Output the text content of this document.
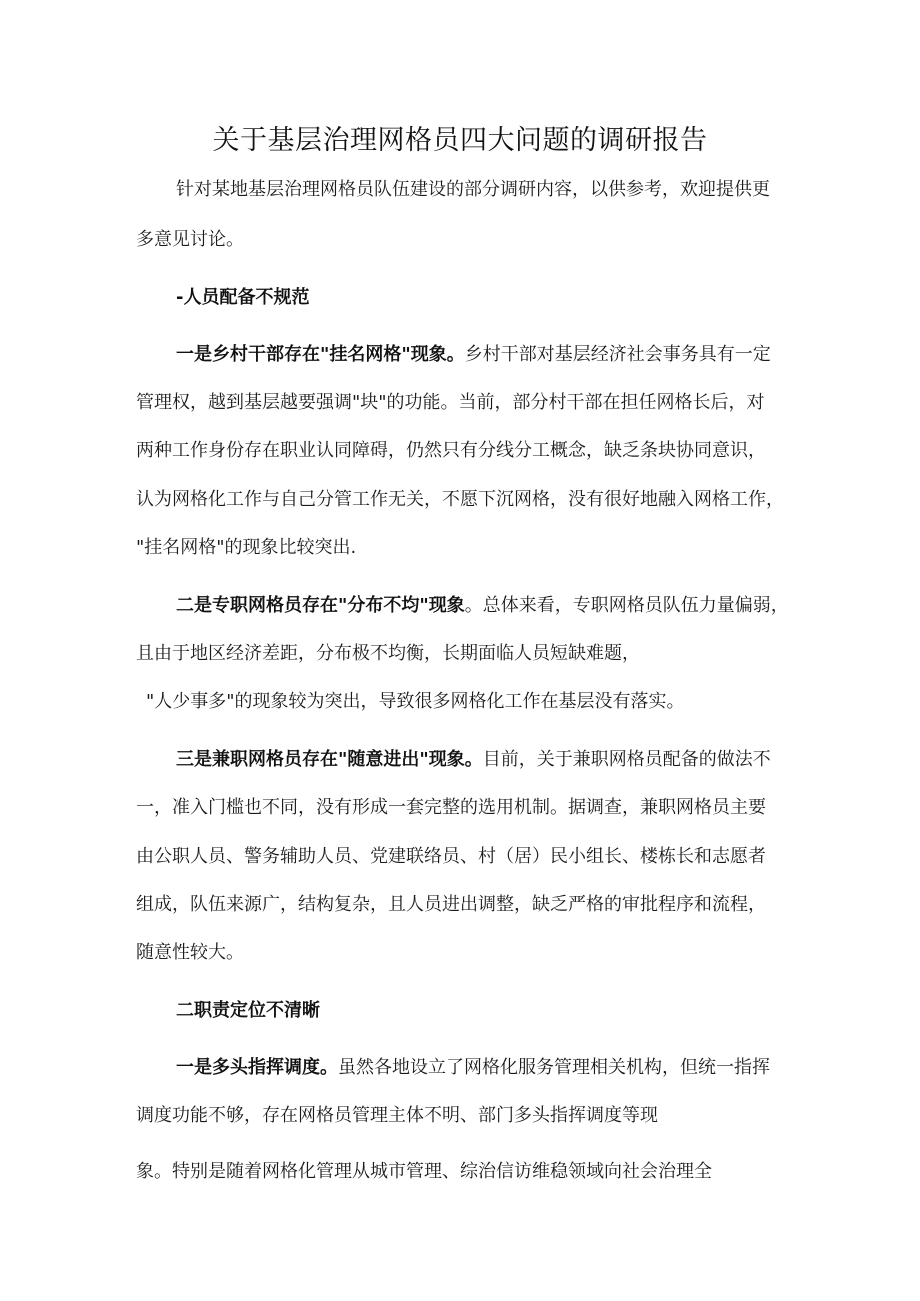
关于基层治理网格员四大问题的调研报告
针对某地基层治理网格员队伍建设的部分调研内容，以供参考，欢迎提供更
多意见讨论。
-人员配备不规范
一是乡村干部存在"挂名网格"现象。乡村干部对基层经济社会事务具有一定
管理权，越到基层越要强调"块"的功能。当前，部分村干部在担任网格长后，对
两种工作身份存在职业认同障碍，仍然只有分线分工概念，缺乏条块协同意识，
认为网格化工作与自己分管工作无关，不愿下沉网格，没有很好地融入网格工作，
"挂名网格"的现象比较突出.
二是专职网格员存在"分布不均"现象。总体来看，专职网格员队伍力量偏弱，
且由于地区经济差距，分布极不均衡，长期面临人员短缺难题，
"人少事多"的现象较为突出，导致很多网格化工作在基层没有落实。
三是兼职网格员存在"随意进出"现象。目前，关于兼职网格员配备的做法不
一，准入门槛也不同，没有形成一套完整的选用机制。据调查，兼职网格员主要
由公职人员、警务辅助人员、党建联络员、村（居）民小组长、楼栋长和志愿者
组成，队伍来源广，结构复杂，且人员进出调整，缺乏严格的审批程序和流程，
随意性较大。
二职责定位不清晰
一是多头指挥调度。虽然各地设立了网格化服务管理相关机构，但统一指挥
调度功能不够，存在网格员管理主体不明、部门多头指挥调度等现
象。特别是随着网格化管理从城市管理、综治信访维稳领域向社会治理全
